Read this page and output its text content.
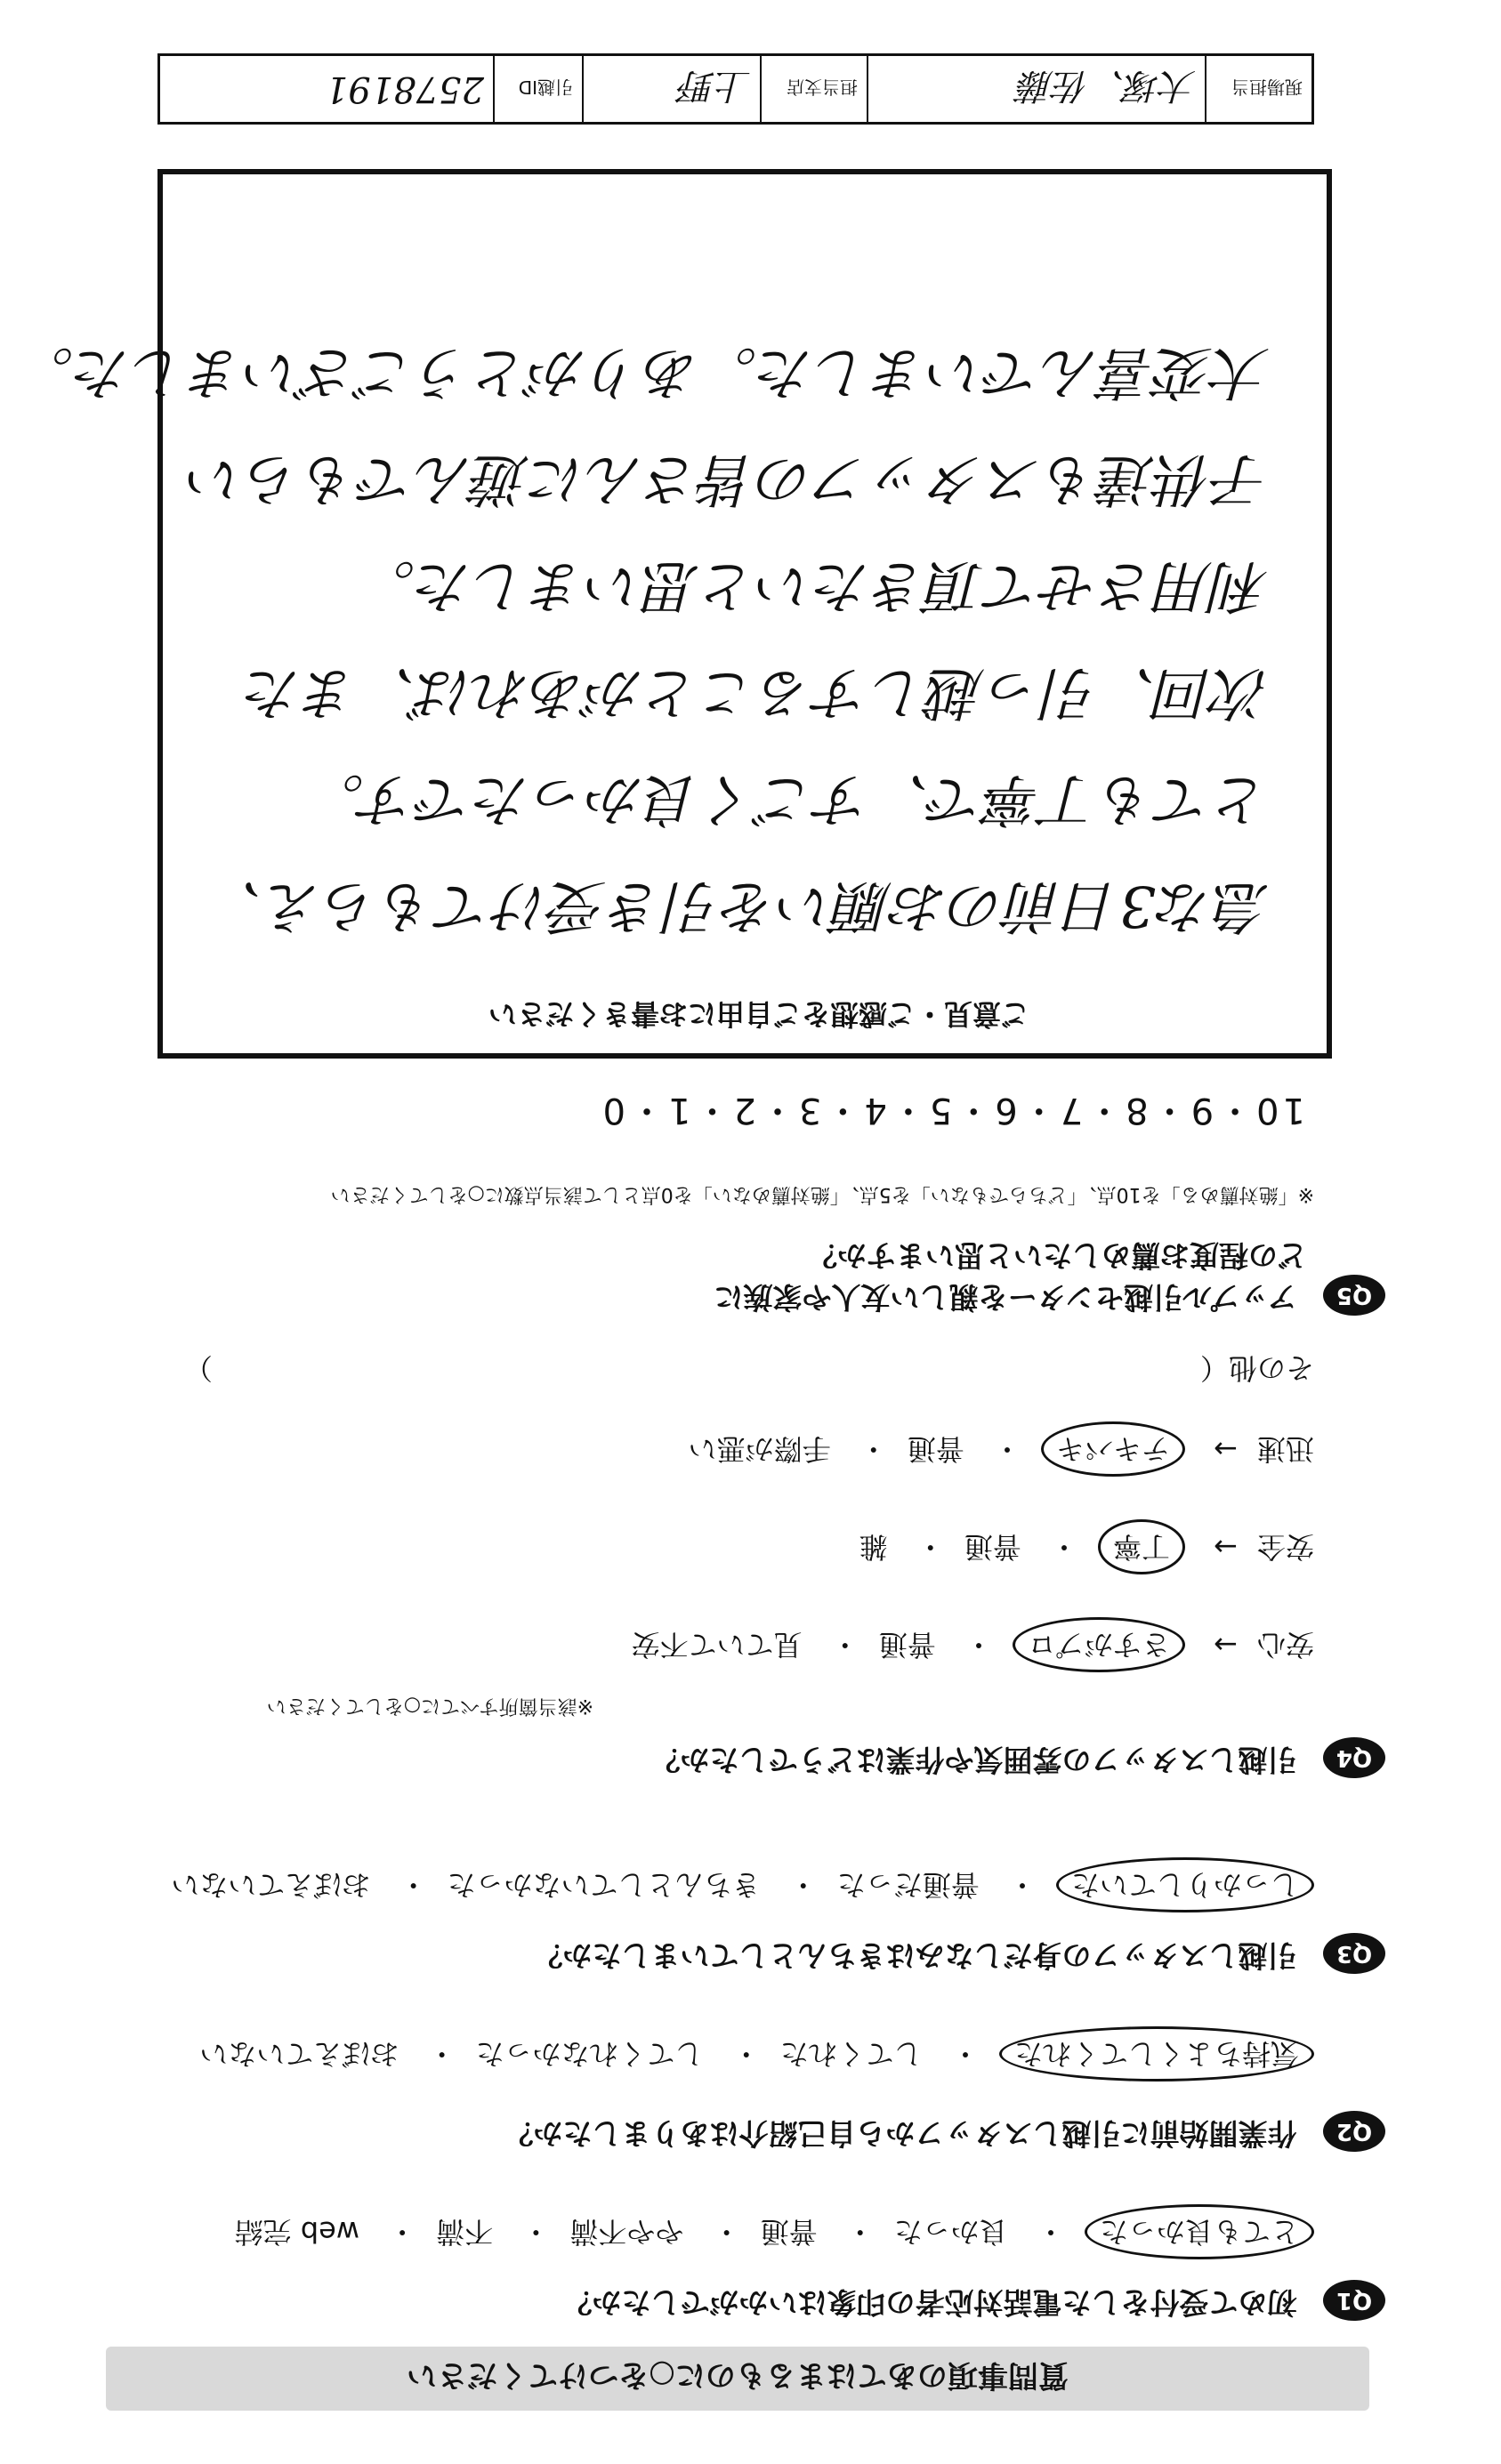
質問事項のあてはまるものに○をつけてください
Q1 初めて受付をした電話対応者の印象はいかがでしたか？
とても良かった・ 良かった・ 普通・ やや不満・ 不満・ web 完結
Q2 作業開始前に引越しスタッフから自己紹介はありましたか？
気持ちよくしてくれた・ してくれた・ してくれなかった・ おぼえていない
Q3 引越しスタッフの身だしなみはきちんとしていましたか？
しっかりしていた・ 普通だった・ きちんとしていなかった・ おぼえていない
Q4 引越しスタッフの雰囲気や作業はどうでしたか？
※該当箇所すべてに○をしてください
安心→ さすがプロ・ 普通・ 見ていて不安
安全→ 丁寧・ 普通・ 雑
迅速→ テキパキ・ 普通・ 手際が悪い
その他（ ）
Q5 アップル引越センターを親しい友人や家族に
どの程度お薦めしたいと思いますか？
※「絶対薦める」を10点、「どちらでもない」を5点、「絶対薦めない」を0点として該当点数に○をしてください
10・9・8・7・6・5・4・3・2・1・0
ご意見・ご感想をご自由にお書きください
急な3日前のお願いを引き受けてもらえ、
とても丁寧で、すごく良かったです。
次回、引っ越しすることがあれば、また
利用させて頂きたいと思いました。
子供達もスタッフの皆さんに遊んでもらい
大変喜んでいました。ありがとうございました。
現場担当
大塚、佐藤
担当支店
上野
引越ID
2578191
